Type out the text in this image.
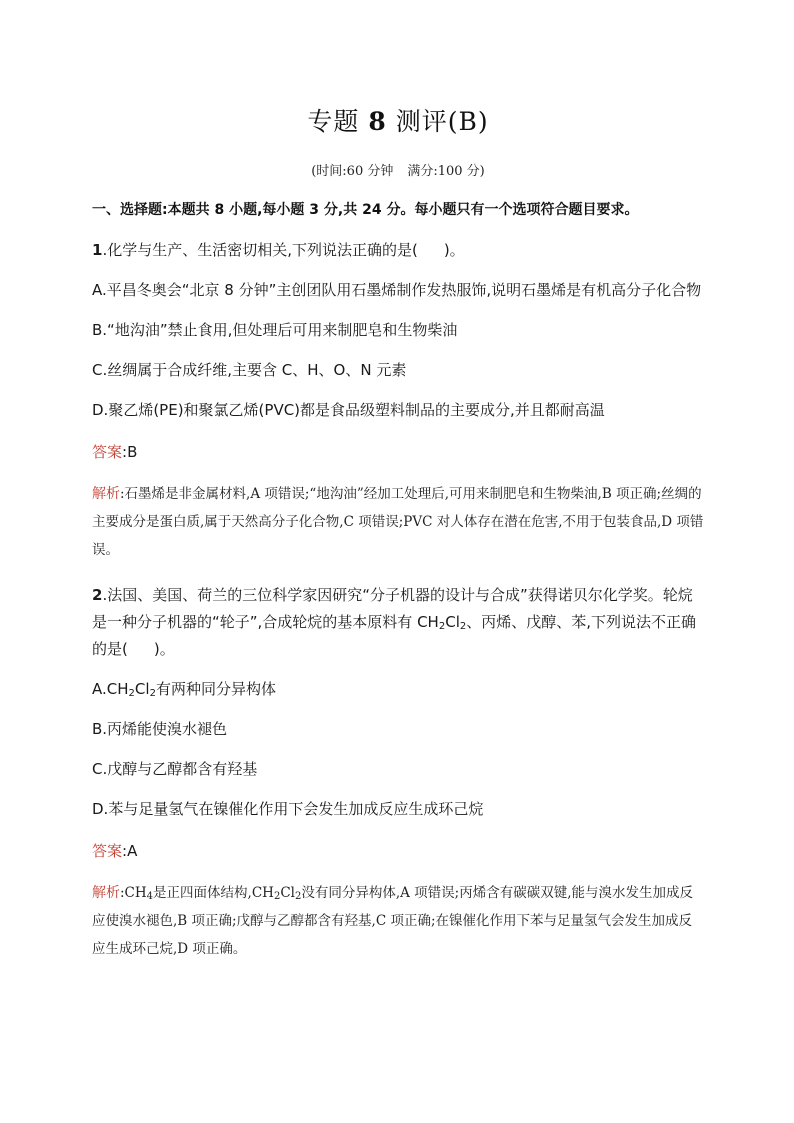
专题 8 测评(B)
(时间:60 分钟 满分:100 分)
一、选择题:本题共 8 小题,每小题 3 分,共 24 分。每小题只有一个选项符合题目要求。
1.化学与生产、生活密切相关,下列说法正确的是( )。
A.平昌冬奥会“北京 8 分钟”主创团队用石墨烯制作发热服饰,说明石墨烯是有机高分子化合物
B.“地沟油”禁止食用,但处理后可用来制肥皂和生物柴油
C.丝绸属于合成纤维,主要含 C、H、O、N 元素
D.聚乙烯(PE)和聚氯乙烯(PVC)都是食品级塑料制品的主要成分,并且都耐高温
答案:B
解析:石墨烯是非金属材料,A 项错误;“地沟油”经加工处理后,可用来制肥皂和生物柴油,B 项正确;丝绸的主要成分是蛋白质,属于天然高分子化合物,C 项错误;PVC 对人体存在潜在危害,不用于包装食品,D 项错误。
2.法国、美国、荷兰的三位科学家因研究“分子机器的设计与合成”获得诺贝尔化学奖。轮烷是一种分子机器的“轮子”,合成轮烷的基本原料有 $CH_2Cl_2$、丙烯、戊醇、苯,下列说法不正确的是( )。
$A.CH_2Cl_2$有两种同分异构体
B.丙烯能使溴水褪色
C.戊醇与乙醇都含有羟基
D.苯与足量氢气在镍催化作用下会发生加成反应生成环己烷
答案:A
解析$:CH_4$是正四面体结构$,CH_2Cl_2$没有同分异构体,A 项错误;丙烯含有碳碳双键,能与溴水发生加成反应使溴水褪色,B 项正确;戊醇与乙醇都含有羟基,C 项正确;在镍催化作用下苯与足量氢气会发生加成反应生成环己烷,D 项正确。
